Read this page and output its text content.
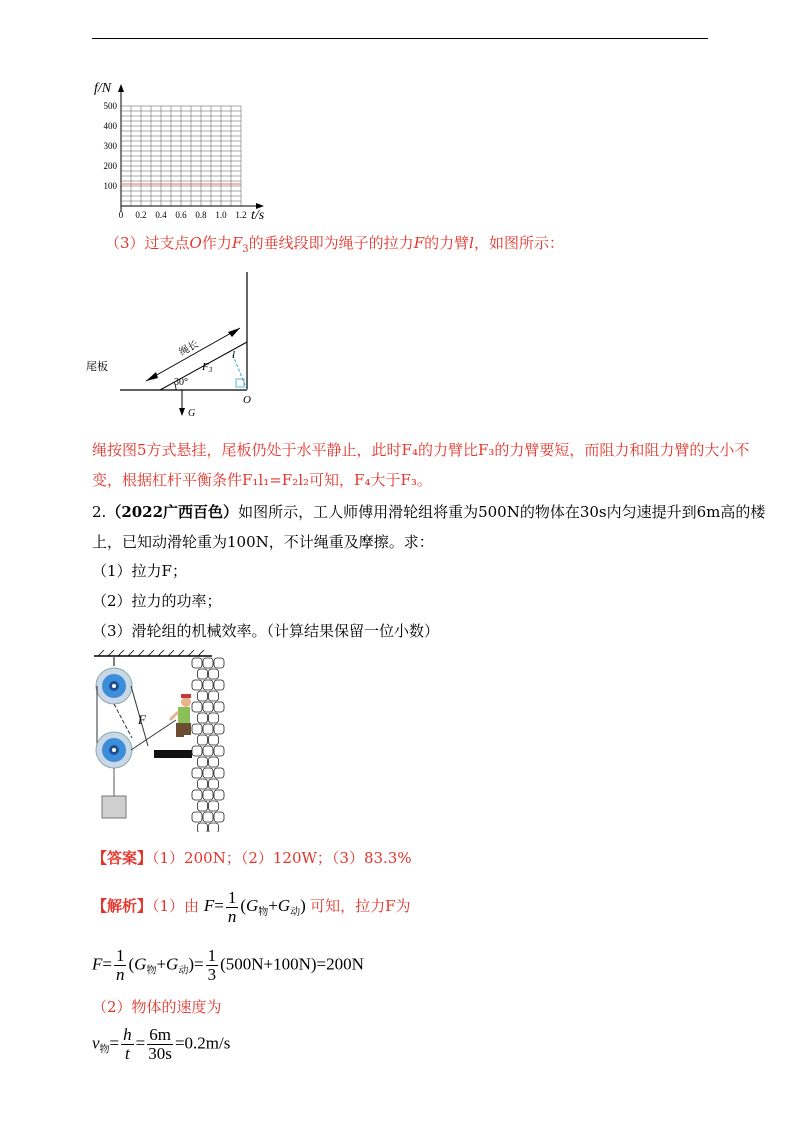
f/N
t/s
500
400
300
200
100
0 0.2 0.4 0.6 0.8 1.0 1.2
（3）过支点O作力$F_3$的垂线段即为绳子的拉力F的力臂l，如图所示：
尾板
绳长
F3
l
30°
O
G
绳按图5方式悬挂，尾板仍处于水平静止，此时F₄的力臂比F₃的力臂要短，而阻力和阻力臂的大小不
变，根据杠杆平衡条件F₁l₁=F₂l₂可知，F₄大于F₃。
2.（2022广西百色）如图所示，工人师傅用滑轮组将重为500N的物体在30s内匀速提升到6m高的楼
上，已知动滑轮重为100N，不计绳重及摩擦。求：
（1）拉力F；
（2）拉力的功率；
（3）滑轮组的机械效率。（计算结果保留一位小数）
F
【答案】（1）200N；（2）120W；（3）83.3%
【解析】（1）由 $F= \frac{1}{n} (G_物+G_动)$ 可知，拉力F为
$F= \frac{1}{n} (G_物+G_动)= \frac{1}{3} (500N+100N)=200N$
（2）物体的速度为
$v_物= \frac{h}{t} = \frac{6m}{30s} =0.2m/s$
